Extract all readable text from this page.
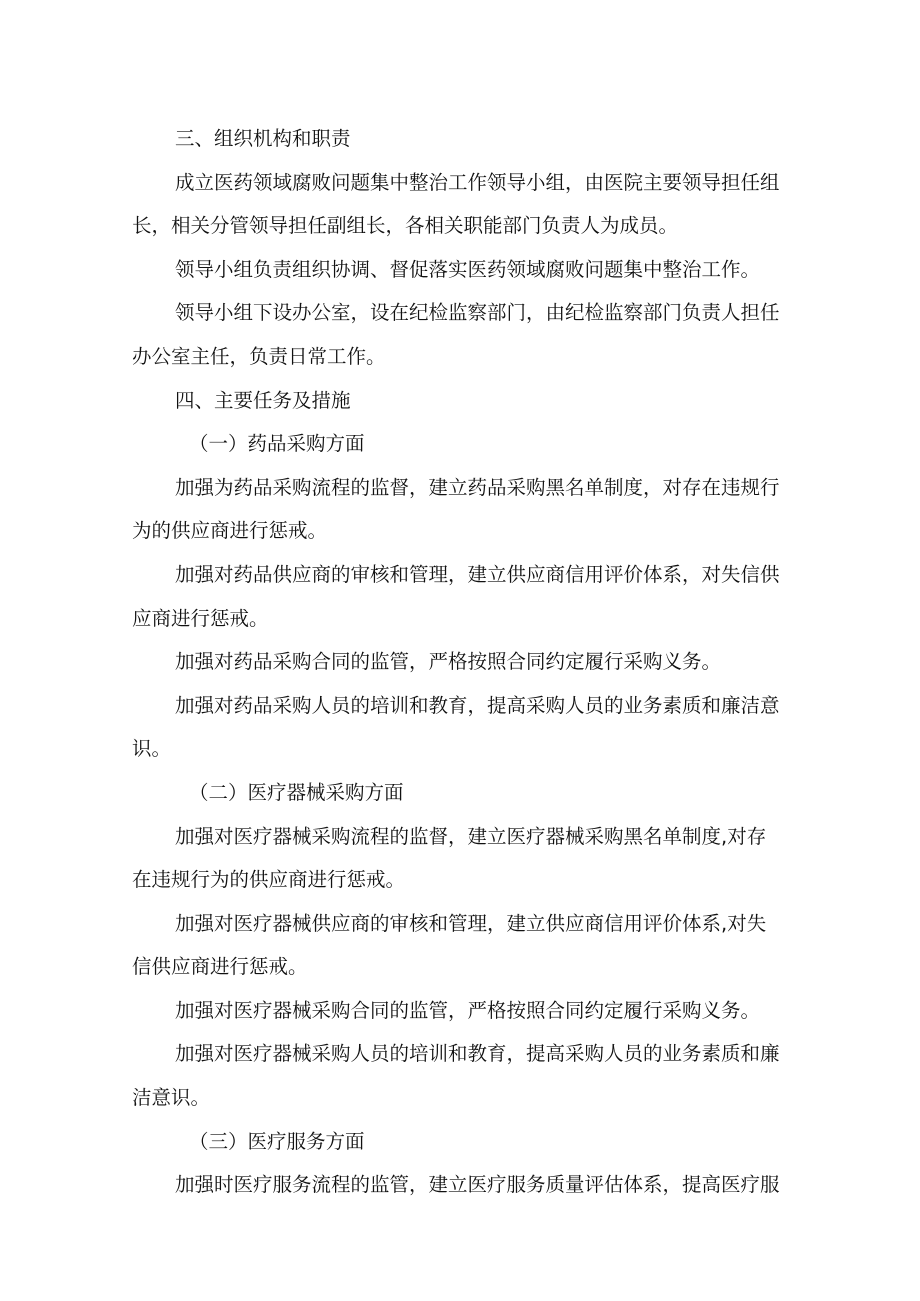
三、组织机构和职责

成立医药领域腐败问题集中整治工作领导小组，由医院主要领导担任组

长，相关分管领导担任副组长，各相关职能部门负责人为成员。

领导小组负责组织协调、督促落实医药领域腐败问题集中整治工作。

领导小组下设办公室，设在纪检监察部门，由纪检监察部门负责人担任

办公室主任，负责日常工作。

四、主要任务及措施

（一）药品采购方面

加强为药品采购流程的监督，建立药品采购黑名单制度，对存在违规行

为的供应商进行惩戒。

加强对药品供应商的审核和管理，建立供应商信用评价体系，对失信供

应商进行惩戒。

加强对药品采购合同的监管，严格按照合同约定履行采购义务。

加强对药品采购人员的培训和教育，提高采购人员的业务素质和廉洁意

识。

（二）医疗器械采购方面

加强对医疗器械采购流程的监督，建立医疗器械采购黑名单制度,对存

在违规行为的供应商进行惩戒。

加强对医疗器械供应商的审核和管理，建立供应商信用评价体系,对失

信供应商进行惩戒。

加强对医疗器械采购合同的监管，严格按照合同约定履行采购义务。

加强对医疗器械采购人员的培训和教育，提高采购人员的业务素质和廉

洁意识。

（三）医疗服务方面

加强时医疗服务流程的监管，建立医疗服务质量评估体系，提高医疗服
